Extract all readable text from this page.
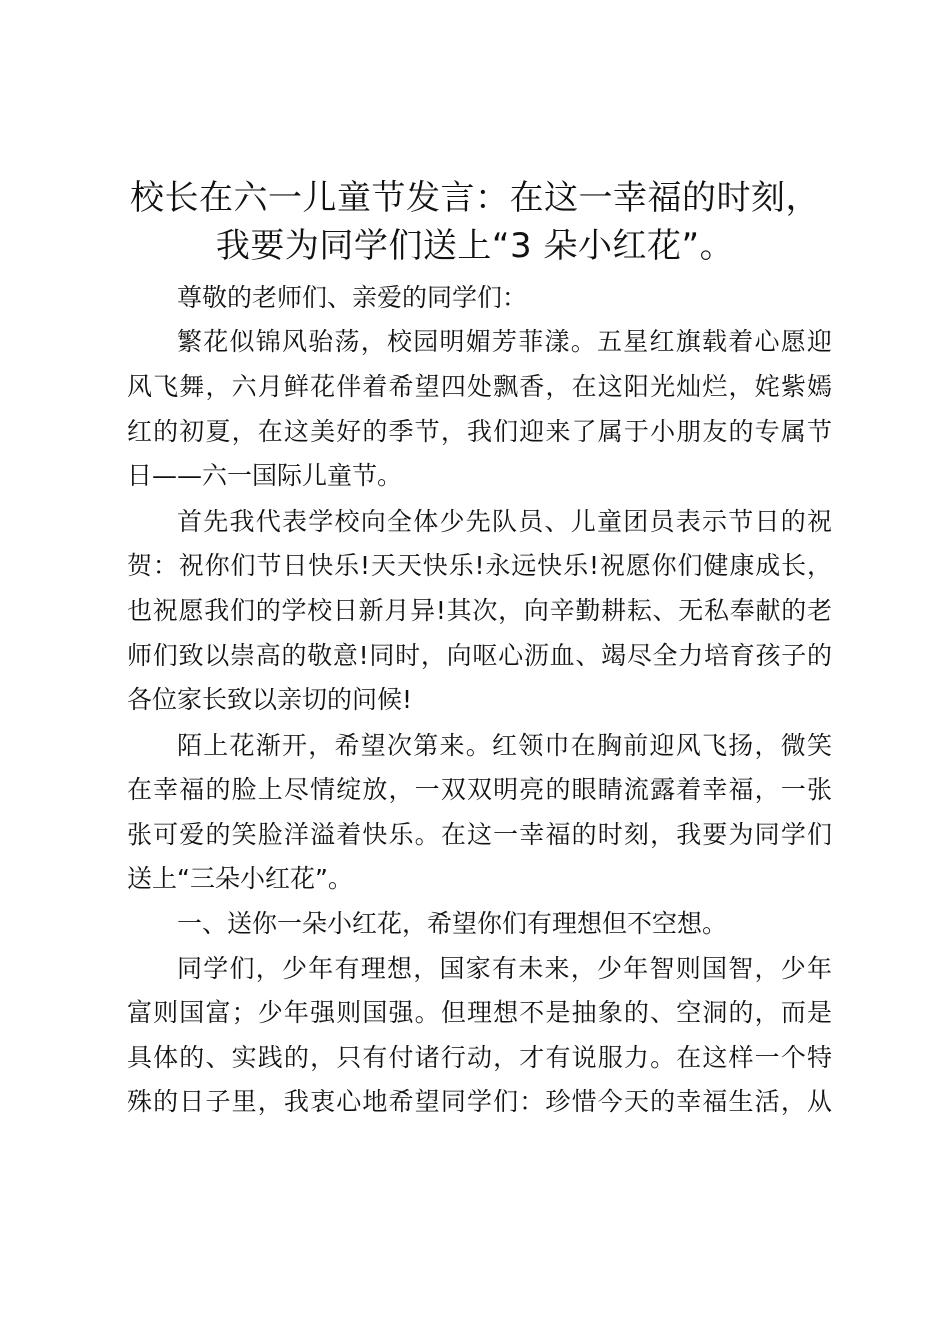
校长在六一儿童节发言：在这一幸福的时刻，
我要为同学们送上“3 朵小红花”。
尊敬的老师们、亲爱的同学们：
繁花似锦风骀荡，校园明媚芳菲漾。五星红旗载着心愿迎
风飞舞，六月鲜花伴着希望四处飘香，在这阳光灿烂，姹紫嫣
红的初夏，在这美好的季节，我们迎来了属于小朋友的专属节
日——六一国际儿童节。
首先我代表学校向全体少先队员、儿童团员表示节日的祝
贺：祝你们节日快乐!天天快乐!永远快乐!祝愿你们健康成长，
也祝愿我们的学校日新月异!其次，向辛勤耕耘、无私奉献的老
师们致以崇高的敬意!同时，向呕心沥血、竭尽全力培育孩子的
各位家长致以亲切的问候!
陌上花渐开，希望次第来。红领巾在胸前迎风飞扬，微笑
在幸福的脸上尽情绽放，一双双明亮的眼睛流露着幸福，一张
张可爱的笑脸洋溢着快乐。在这一幸福的时刻，我要为同学们
送上“三朵小红花”。
一、送你一朵小红花，希望你们有理想但不空想。
同学们，少年有理想，国家有未来，少年智则国智，少年
富则国富；少年强则国强。但理想不是抽象的、空洞的，而是
具体的、实践的，只有付诸行动，才有说服力。在这样一个特
殊的日子里，我衷心地希望同学们：珍惜今天的幸福生活，从
